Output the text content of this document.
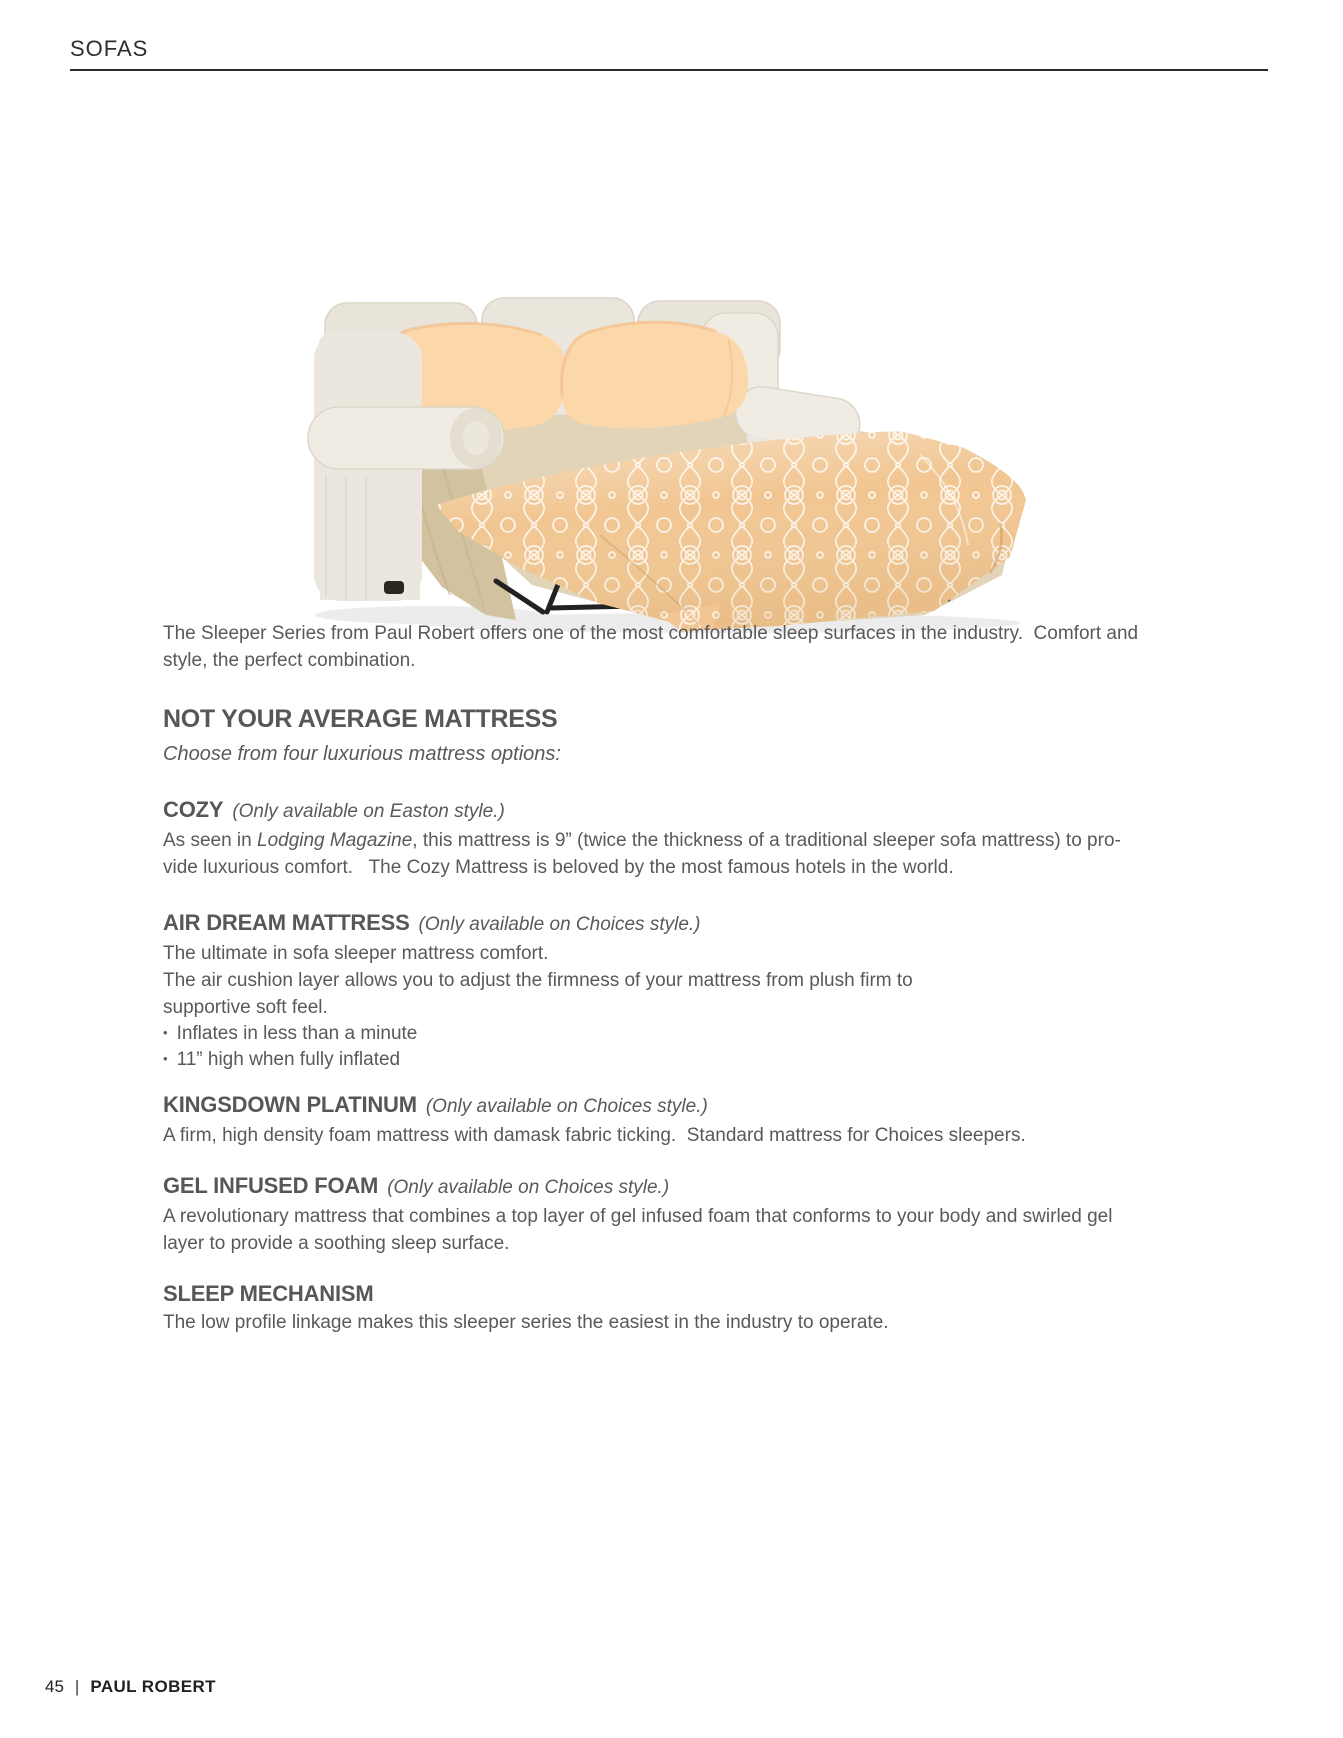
SOFAS
The Sleeper Series from Paul Robert offers one of the most comfortable sleep surfaces in the industry.  Comfort and
style, the perfect combination.
NOT YOUR AVERAGE MATTRESS
Choose from four luxurious mattress options:
COZY (Only available on Easton style.)
As seen in Lodging Magazine, this mattress is 9” (twice the thickness of a traditional sleeper sofa mattress) to pro-
vide luxurious comfort.   The Cozy Mattress is beloved by the most famous hotels in the world.
AIR DREAM MATTRESS (Only available on Choices style.)
The ultimate in sofa sleeper mattress comfort.
The air cushion layer allows you to adjust the firmness of your mattress from plush firm to
supportive soft feel.
• Inflates in less than a minute
• 11” high when fully inflated
KINGSDOWN PLATINUM (Only available on Choices style.)
A firm, high density foam mattress with damask fabric ticking.  Standard mattress for Choices sleepers.
GEL INFUSED FOAM (Only available on Choices style.)
A revolutionary mattress that combines a top layer of gel infused foam that conforms to your body and swirled gel
layer to provide a soothing sleep surface.
SLEEP MECHANISM
The low profile linkage makes this sleeper series the easiest in the industry to operate.
45 | PAUL ROBERT
